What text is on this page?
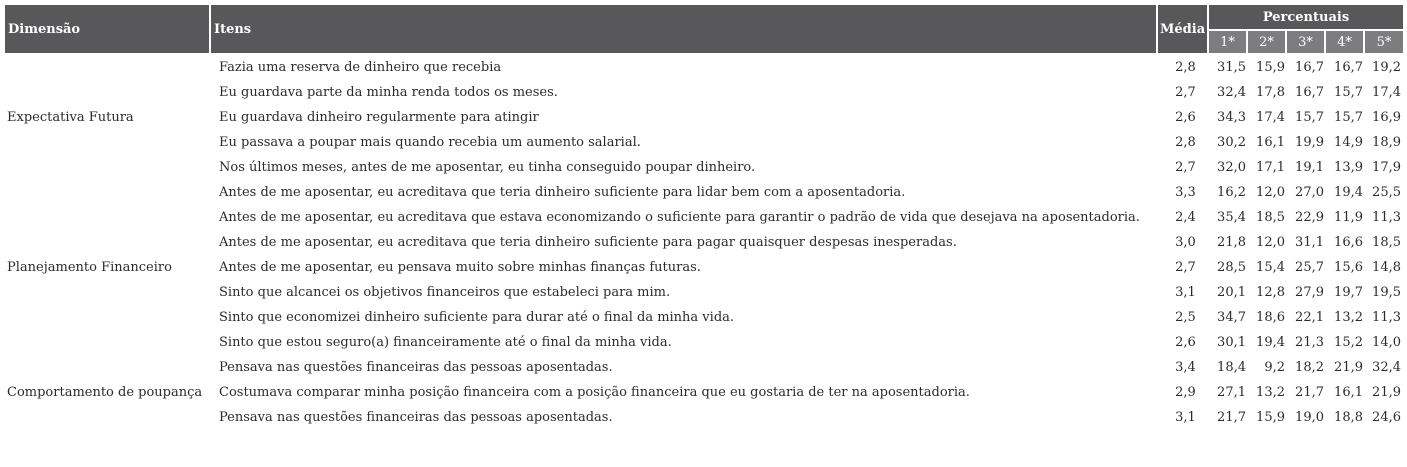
Dimensão	Itens	Média	Percentuais				
			1*	2*	3*	4*	5*
	Fazia uma reserva de dinheiro que recebia	2,8	31,5	15,9	16,7	16,7	19,2
	Eu guardava parte da minha renda todos os meses.	2,7	32,4	17,8	16,7	15,7	17,4
Expectativa Futura	Eu guardava dinheiro regularmente para atingir	2,6	34,3	17,4	15,7	15,7	16,9
	Eu passava a poupar mais quando recebia um aumento salarial.	2,8	30,2	16,1	19,9	14,9	18,9
	Nos últimos meses, antes de me aposentar, eu tinha conseguido poupar dinheiro.	2,7	32,0	17,1	19,1	13,9	17,9
	Antes de me aposentar, eu acreditava que teria dinheiro suficiente para lidar bem com a aposentadoria.	3,3	16,2	12,0	27,0	19,4	25,5
	Antes de me aposentar, eu acreditava que estava economizando o suficiente para garantir o padrão de vida que desejava na aposentadoria.	2,4	35,4	18,5	22,9	11,9	11,3
	Antes de me aposentar, eu acreditava que teria dinheiro suficiente para pagar quaisquer despesas inesperadas.	3,0	21,8	12,0	31,1	16,6	18,5
Planejamento Financeiro	Antes de me aposentar, eu pensava muito sobre minhas finanças futuras.	2,7	28,5	15,4	25,7	15,6	14,8
	Sinto que alcancei os objetivos financeiros que estabeleci para mim.	3,1	20,1	12,8	27,9	19,7	19,5
	Sinto que economizei dinheiro suficiente para durar até o final da minha vida.	2,5	34,7	18,6	22,1	13,2	11,3
	Sinto que estou seguro(a) financeiramente até o final da minha vida.	2,6	30,1	19,4	21,3	15,2	14,0
	Pensava nas questões financeiras das pessoas aposentadas.	3,4	18,4	9,2	18,2	21,9	32,4
Comportamento de poupança	Costumava comparar minha posição financeira com a posição financeira que eu gostaria de ter na aposentadoria.	2,9	27,1	13,2	21,7	16,1	21,9
	Pensava nas questões financeiras das pessoas aposentadas.	3,1	21,7	15,9	19,0	18,8	24,6
